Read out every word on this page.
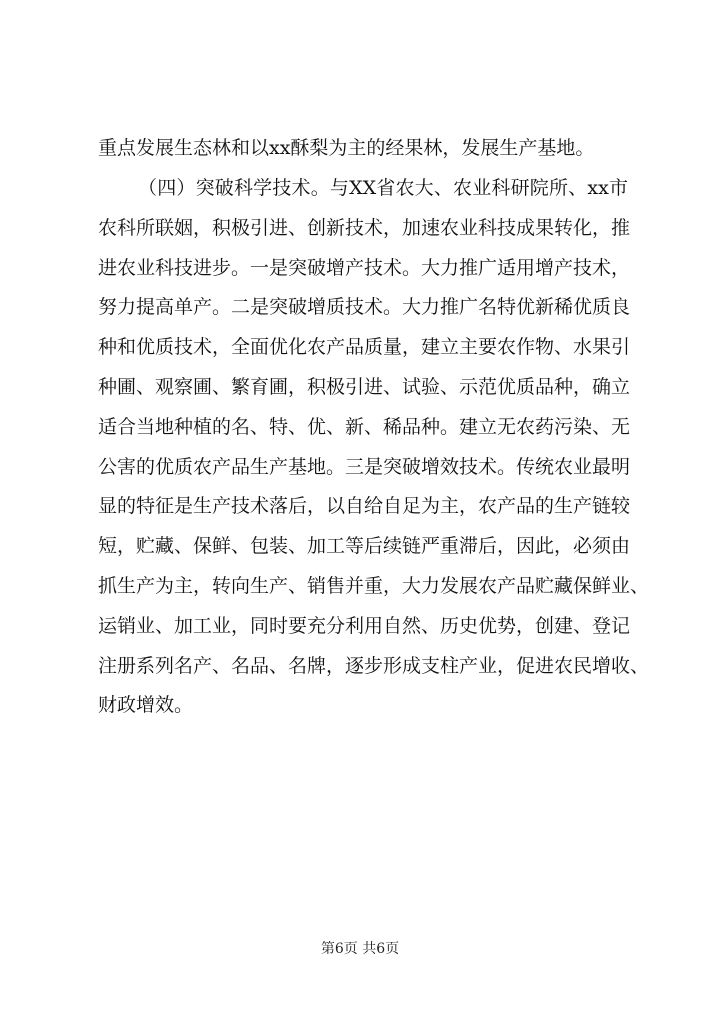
重点发展生态林和以xx酥梨为主的经果林，发展生产基地。
（四）突破科学技术。与XX省农大、农业科研院所、xx市
农科所联姻，积极引进、创新技术，加速农业科技成果转化，推
进农业科技进步。一是突破增产技术。大力推广适用增产技术，
努力提高单产。二是突破增质技术。大力推广名特优新稀优质良
种和优质技术，全面优化农产品质量，建立主要农作物、水果引
种圃、观察圃、繁育圃，积极引进、试验、示范优质品种，确立
适合当地种植的名、特、优、新、稀品种。建立无农药污染、无
公害的优质农产品生产基地。三是突破增效技术。传统农业最明
显的特征是生产技术落后，以自给自足为主，农产品的生产链较
短，贮藏、保鲜、包装、加工等后续链严重滞后，因此，必须由
抓生产为主，转向生产、销售并重，大力发展农产品贮藏保鲜业、
运销业、加工业，同时要充分利用自然、历史优势，创建、登记
注册系列名产、名品、名牌，逐步形成支柱产业，促进农民增收、
财政增效。
第6页 共6页
